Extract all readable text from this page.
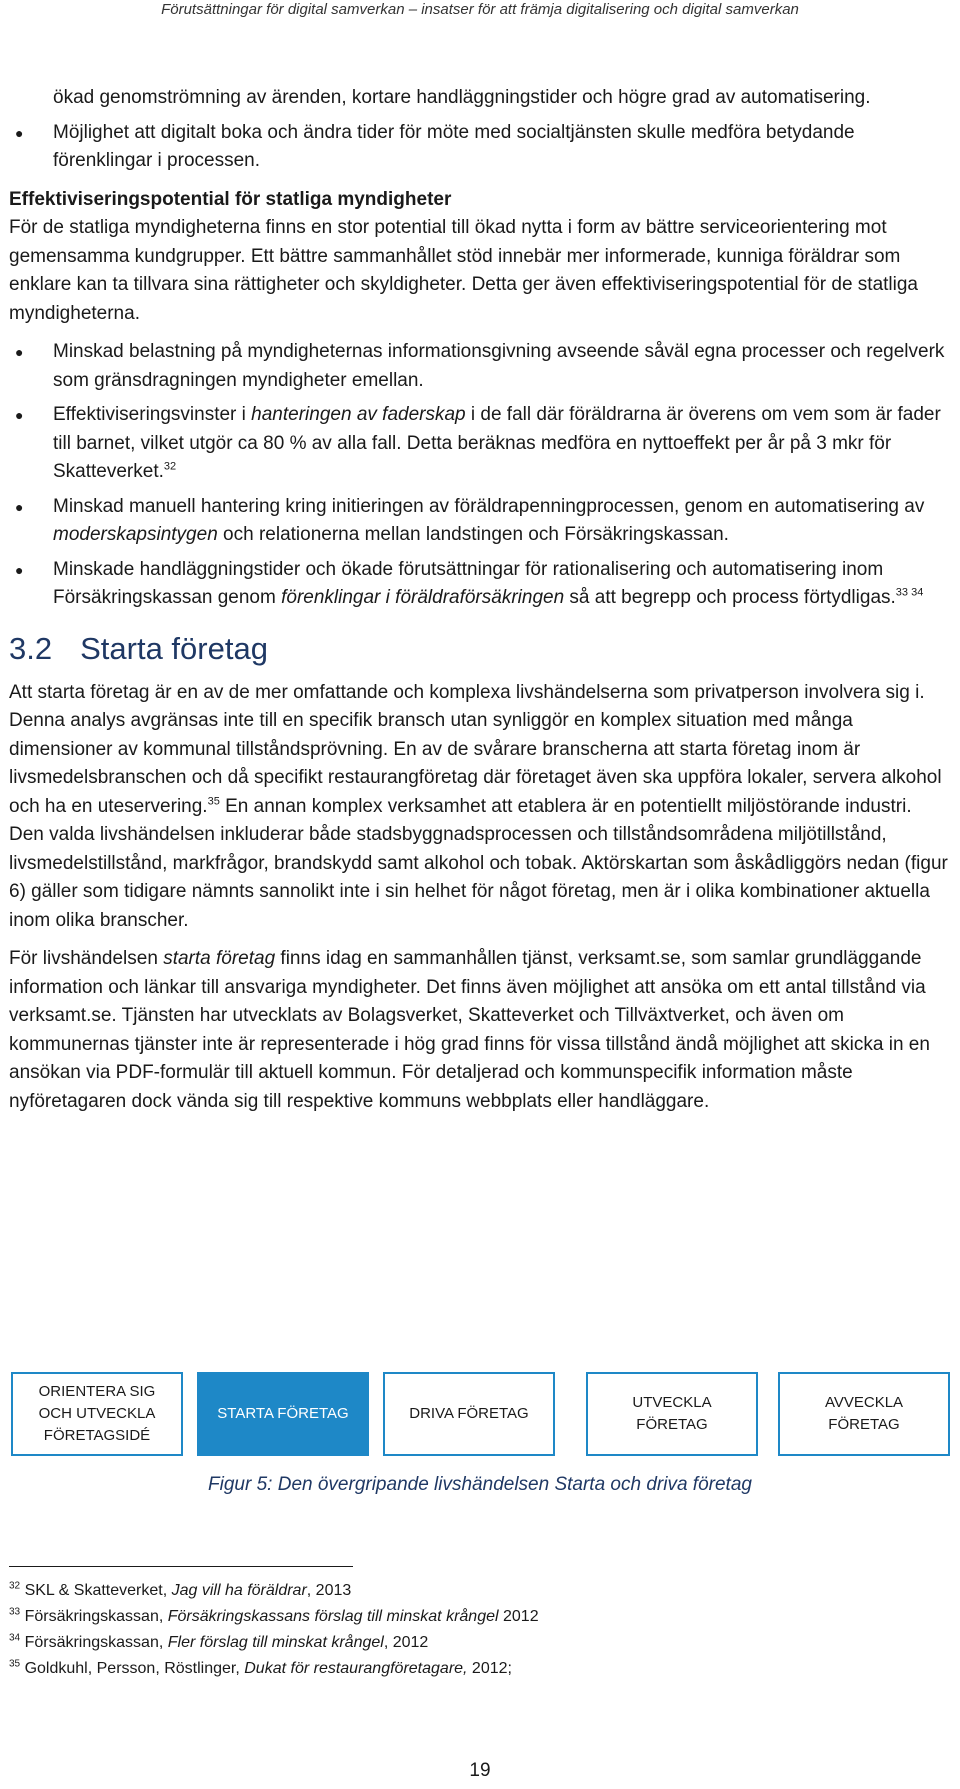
Förutsättningar för digital samverkan – insatser för att främja digitalisering och digital samverkan
ökad genomströmning av ärenden, kortare handläggningstider och högre grad av automatisering.
● Möjlighet att digitalt boka och ändra tider för möte med socialtjänsten skulle medföra betydande förenklingar i processen.

Effektiviseringspotential för statliga myndigheter

För de statliga myndigheterna finns en stor potential till ökad nytta i form av bättre serviceorientering mot gemensamma kundgrupper. Ett bättre sammanhållet stöd innebär mer informerade, kunniga föräldrar som enklare kan ta tillvara sina rättigheter och skyldigheter. Detta ger även effektiviseringspotential för de statliga myndigheterna.

● Minskad belastning på myndigheternas informationsgivning avseende såväl egna processer och regelverk som gränsdragningen myndigheter emellan.
● Effektiviseringsvinster i hanteringen av faderskap i de fall där föräldrarna är överens om vem som är fader till barnet, vilket utgör ca 80 % av alla fall. Detta beräknas medföra en nyttoeffekt per år på 3 mkr för Skatteverket.$^{32}$
● Minskad manuell hantering kring initieringen av föräldrapenningprocessen, genom en automatisering av moderskapsintygen och relationerna mellan landstingen och Försäkringskassan.
● Minskade handläggningstider och ökade förutsättningar för rationalisering och automatisering inom Försäkringskassan genom förenklingar i föräldraförsäkringen så att begrepp och process förtydligas.$^{33 34}$
3.2 Starta företag

Att starta företag är en av de mer omfattande och komplexa livshändelserna som privatperson involvera sig i. Denna analys avgränsas inte till en specifik bransch utan synliggör en komplex situation med många dimensioner av kommunal tillståndsprövning. En av de svårare branscherna att starta företag inom är livsmedelsbranschen och då specifikt restaurangföretag där företaget även ska uppföra lokaler, servera alkohol och ha en uteservering.$^{35}$ En annan komplex verksamhet att etablera är en potentiellt miljöstörande industri. Den valda livshändelsen inkluderar både stadsbyggnadsprocessen och tillståndsområdena miljötillstånd, livsmedelstillstånd, markfrågor, brandskydd samt alkohol och tobak. Aktörskartan som åskådliggörs nedan (figur 6) gäller som tidigare nämnts sannolikt inte i sin helhet för något företag, men är i olika kombinationer aktuella inom olika branscher.

För livshändelsen starta företag finns idag en sammanhållen tjänst, verksamt.se, som samlar grundläggande information och länkar till ansvariga myndigheter. Det finns även möjlighet att ansöka om ett antal tillstånd via verksamt.se. Tjänsten har utvecklats av Bolagsverket, Skatteverket och Tillväxtverket, och även om kommunernas tjänster inte är representerade i hög grad finns för vissa tillstånd ändå möjlighet att skicka in en ansökan via PDF-formulär till aktuell kommun. För detaljerad och kommunspecifik information måste nyföretagaren dock vända sig till respektive kommuns webbplats eller handläggare.

ORIENTERA SIG
OCH UTVECKLA
FÖRETAGSIDÉ
STARTA FÖRETAG	DRIVA FÖRETAG
UTVECKLA
FÖRETAG
AVVECKLA
FÖRETAG
Figur 5: Den övergripande livshändelsen Starta och driva företag
$^{32}$ SKL & Skatteverket, Jag vill ha föräldrar, 2013
$^{33}$ Försäkringskassan, Försäkringskassans förslag till minskat krångel 2012
$^{34}$ Försäkringskassan, Fler förslag till minskat krångel, 2012
$^{35}$ Goldkuhl, Persson, Röstlinger, Dukat för restaurangföretagare, 2012;
19
